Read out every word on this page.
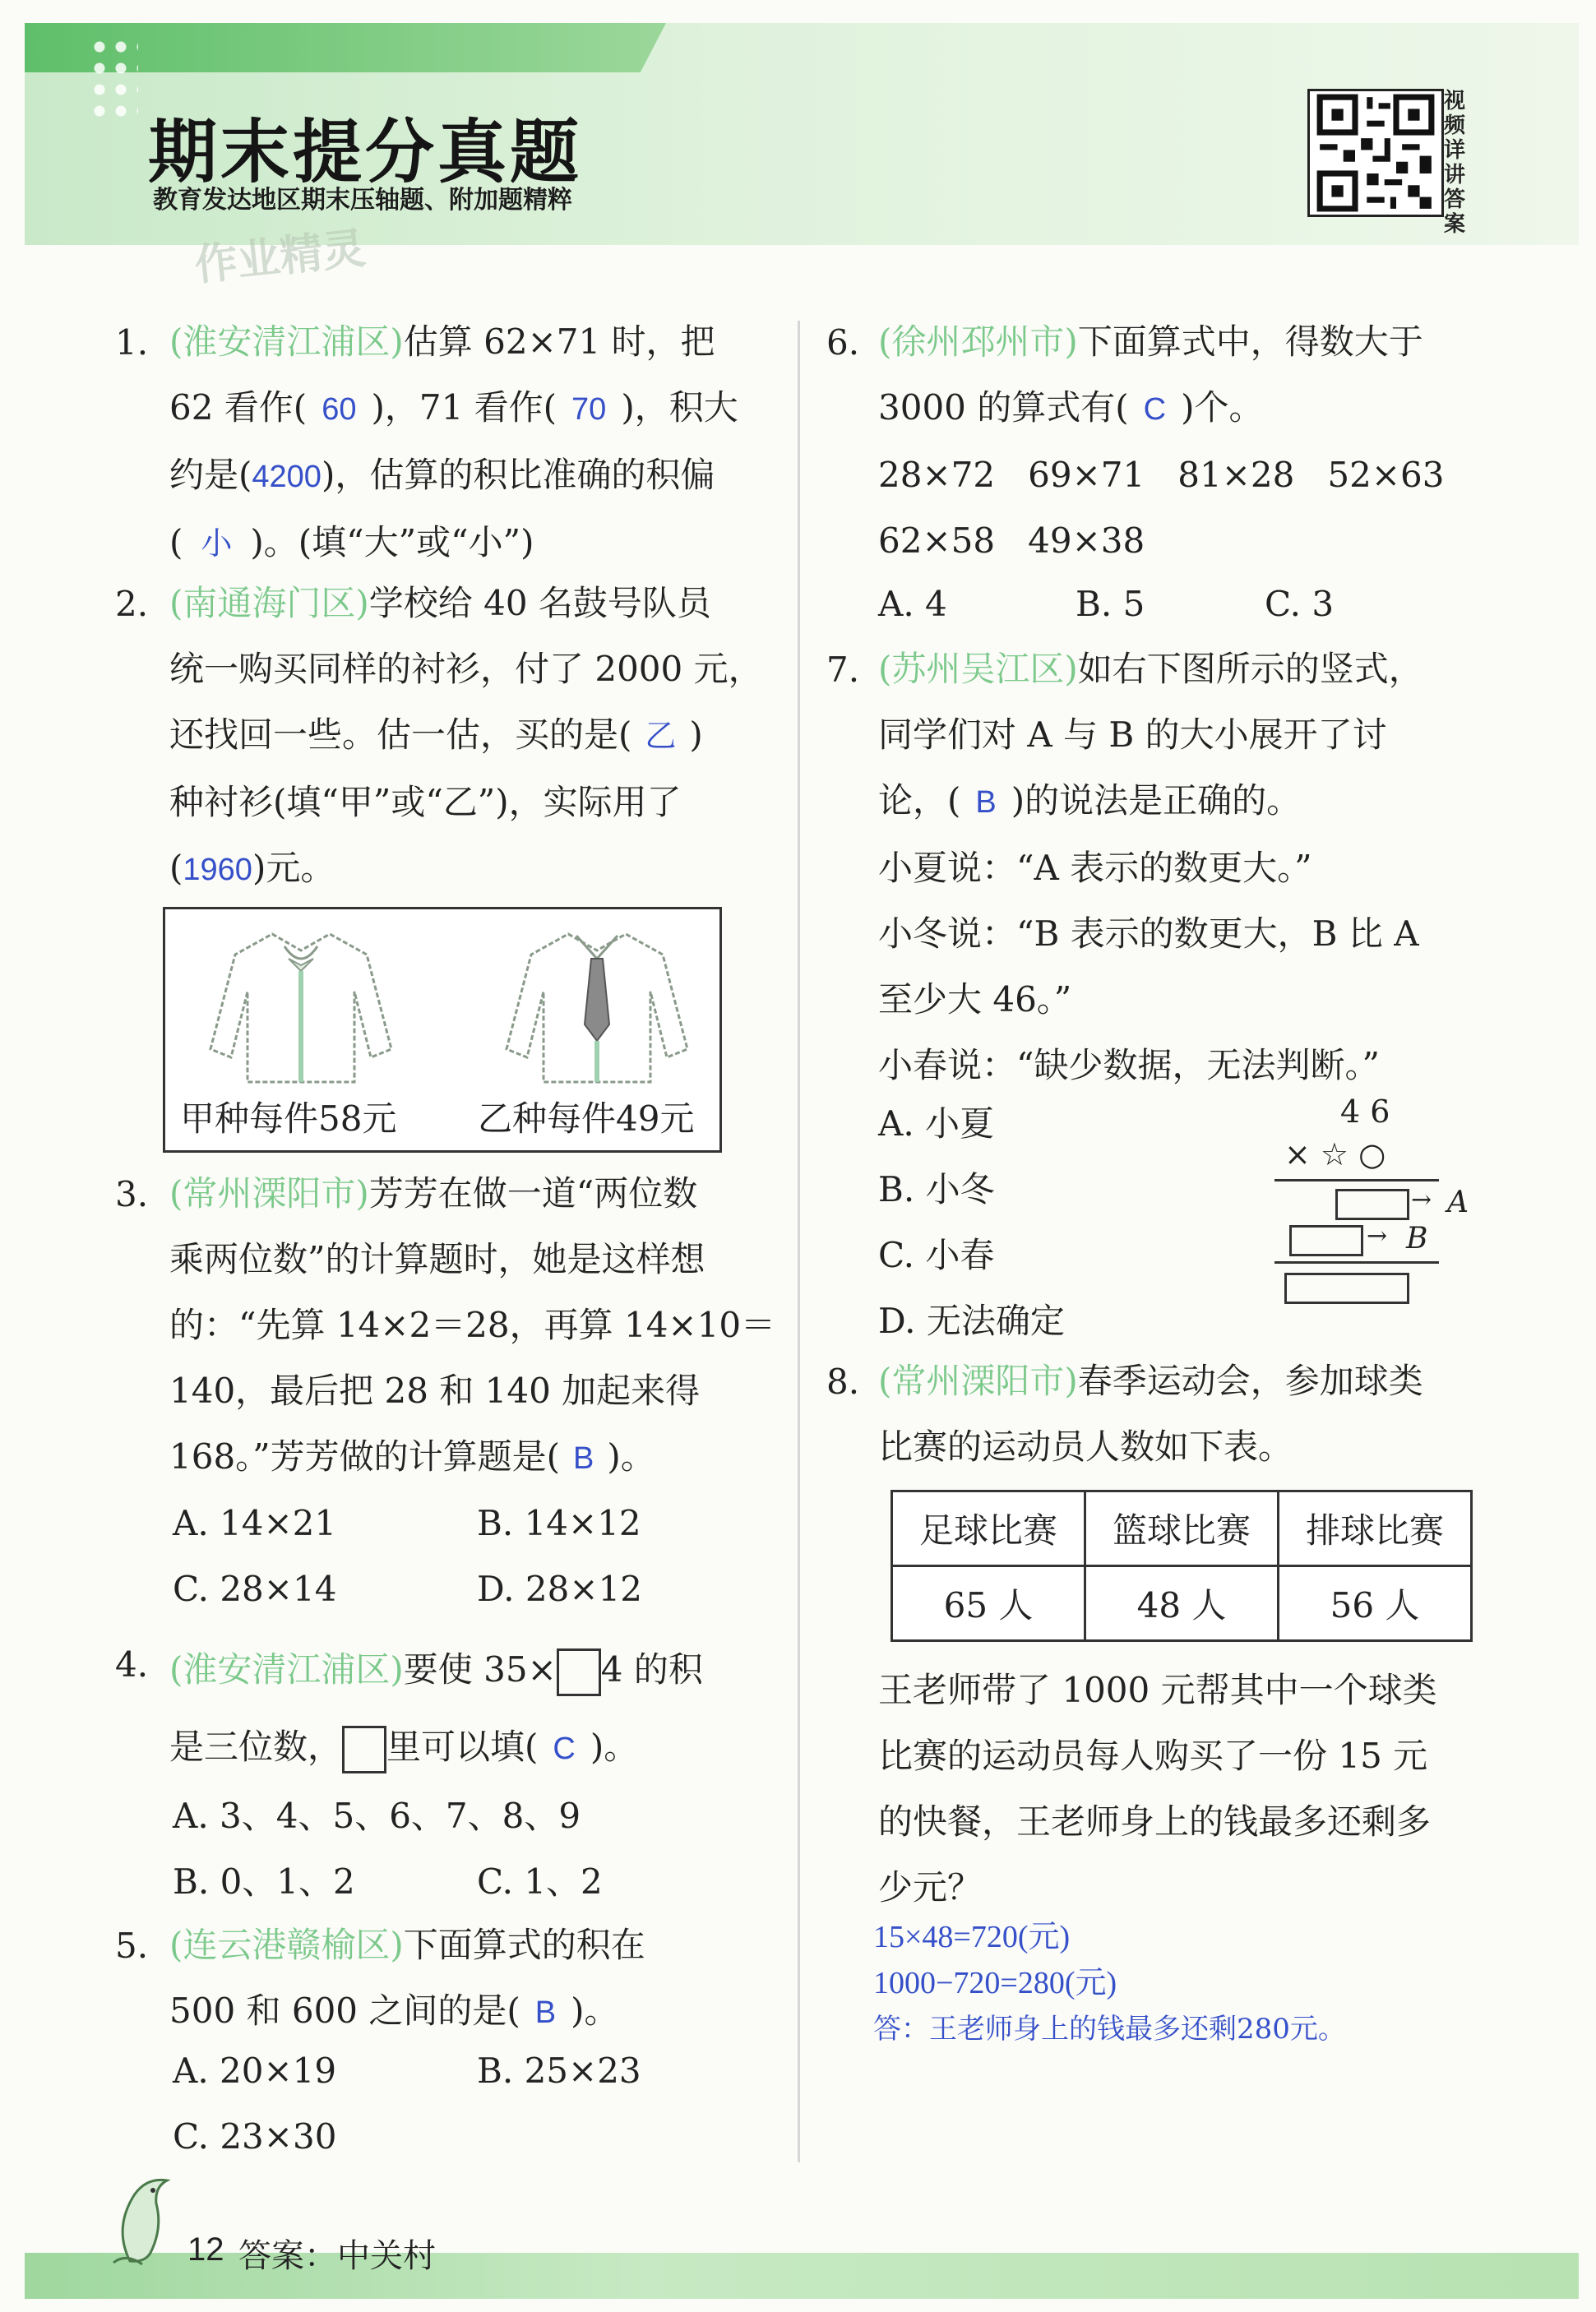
期末提分真题
教育发达地区期末压轴题、附加题精粹
作业精灵
视频详讲答案
1. (淮安清江浦区)估算 62×71 时，把
62 看作( 60 )，71 看作( 70 )，积大
约是(4200)，估算的积比准确的积偏
( 小 )。(填“大”或“小”)
2. (南通海门区)学校给 40 名鼓号队员
统一购买同样的衬衫，付了 2000 元，
还找回一些。估一估，买的是( 乙 )
种衬衫(填“甲”或“乙”)，实际用了
(1960)元。
甲种每件58元 乙种每件49元
3. (常州溧阳市)芳芳在做一道“两位数
乘两位数”的计算题时，她是这样想
的：“先算 14×2＝28，再算 14×10＝
140，最后把 28 和 140 加起来得
168。”芳芳做的计算题是( B )。
A. 14×21	B. 14×12
C. 28×14	D. 28×12
4. (淮安清江浦区)要使 35× 4 的积
是三位数， 里可以填( C )。
A. 3、4、5、6、7、8、9
B. 0、1、2	C. 1、2
5. (连云港赣榆区)下面算式的积在
500 和 600 之间的是( B )。
A. 20×19	B. 25×23
C. 23×30
6. (徐州邳州市)下面算式中，得数大于
3000 的算式有( C )个。
28×72   69×71   81×28   52×63
62×58   49×38
A. 4	B. 5	C. 3
7. (苏州吴江区)如右下图所示的竖式，
同学们对 A 与 B 的大小展开了讨
论，( B )的说法是正确的。
小夏说：“A 表示的数更大。”
小冬说：“B 表示的数更大，B 比 A
至少大 46。”
小春说：“缺少数据，无法判断。”
A. 小夏
B. 小冬
C. 小春
D. 无法确定
4 6
× ☆ ○
→ A
→ B
8. (常州溧阳市)春季运动会，参加球类
比赛的运动员人数如下表。
足球比赛	篮球比赛	排球比赛
65 人	48 人	56 人
王老师带了 1000 元帮其中一个球类
比赛的运动员每人购买了一份 15 元
的快餐，王老师身上的钱最多还剩多
少元？
15×48=720(元)
1000−720=280(元)
答：王老师身上的钱最多还剩280元。
12 答案：中关村
